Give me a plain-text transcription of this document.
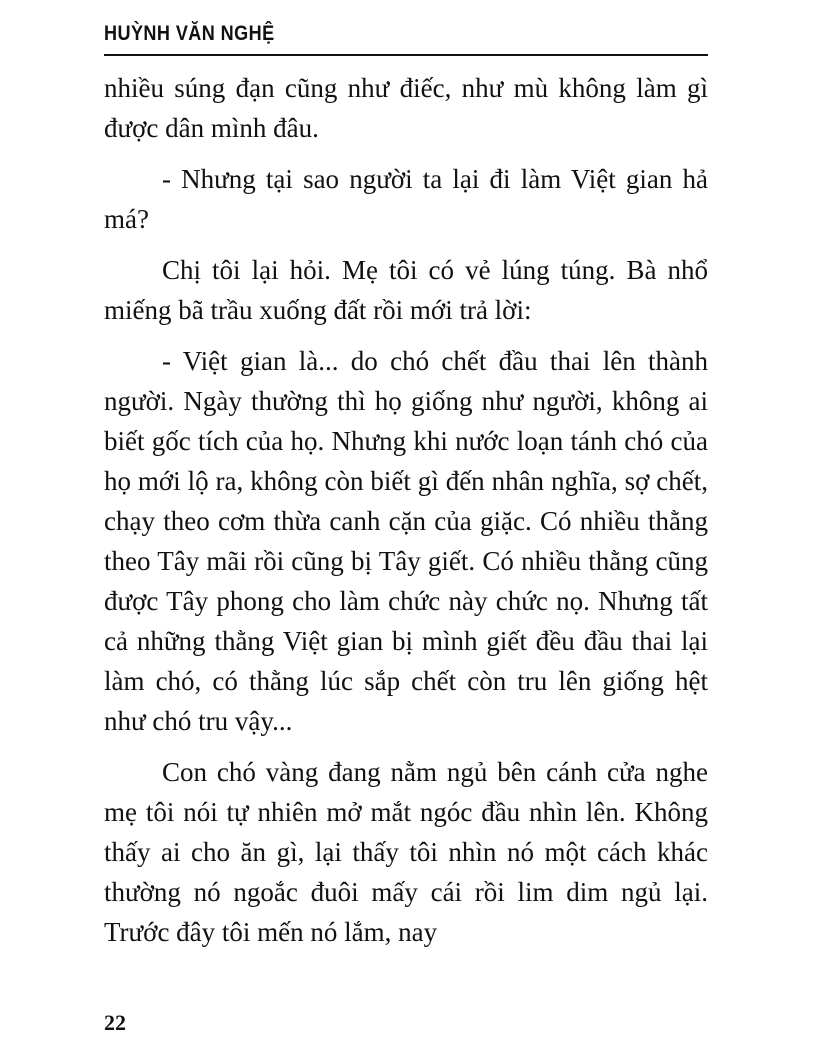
HUỲNH VĂN NGHỆ

nhiều súng đạn cũng như điếc, như mù không làm gì được dân mình đâu.

- Nhưng tại sao người ta lại đi làm Việt gian hả má?

Chị tôi lại hỏi. Mẹ tôi có vẻ lúng túng. Bà nhổ miếng bã trầu xuống đất rồi mới trả lời:

- Việt gian là... do chó chết đầu thai lên thành người. Ngày thường thì họ giống như người, không ai biết gốc tích của họ. Nhưng khi nước loạn tánh chó của họ mới lộ ra, không còn biết gì đến nhân nghĩa, sợ chết, chạy theo cơm thừa canh cặn của giặc. Có nhiều thằng theo Tây mãi rồi cũng bị Tây giết. Có nhiều thằng cũng được Tây phong cho làm chức này chức nọ. Nhưng tất cả những thằng Việt gian bị mình giết đều đầu thai lại làm chó, có thằng lúc sắp chết còn tru lên giống hệt như chó tru vậy...

Con chó vàng đang nằm ngủ bên cánh cửa nghe mẹ tôi nói tự nhiên mở mắt ngóc đầu nhìn lên. Không thấy ai cho ăn gì, lại thấy tôi nhìn nó một cách khác thường nó ngoắc đuôi mấy cái rồi lim dim ngủ lại. Trước đây tôi mến nó lắm, nay

22
